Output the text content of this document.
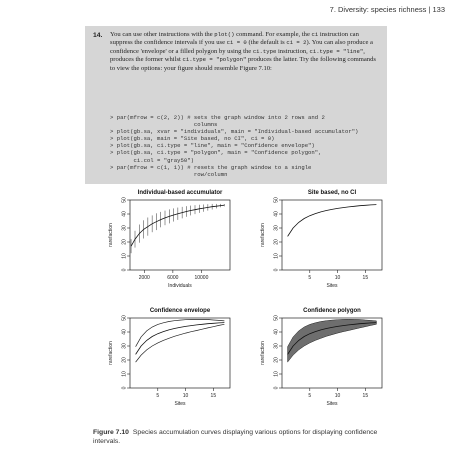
7. Diversity: species richness | 133
14. You can use other instructions with the plot() command. For example, the ci instruction can suppress the confidence intervals if you use ci = 0 (the default is ci = 2). You can also produce a confidence 'envelope' or a filled polygon by using the ci.type instruction, ci.type = "line", produces the former whilst ci.type = "polygon" produces the latter. Try the following commands to view the options: your figure should resemble Figure 7.10:
> par(mfrow = c(2, 2)) # sets the graph window into 2 rows and 2
columns
> plot(gb.sa, xvar = "individuals", main = "Individual-based accumulator")
> plot(gb.sa, main = "Site based, no CI", ci = 0)
> plot(gb.sa, ci.type = "line", main = "Confidence envelope")
> plot(gb.sa, ci.type = "polygon", main = "Confidence polygon",
ci.col = "gray50")
> par(mfrow = c(1, 1)) # resets the graph window to a single
row/column
Individual-based accumulator
0
10
20
30
40
50
2000	6000	10000
Individuals
rarefaction
Site based, no CI
0
10
20
30
40
50
5	10	15
Sites
rarefaction
Confidence envelope
0
10
20
30
40
50
5	10	15
Sites
rarefaction
Confidence polygon
0
10
20
30
40
50
5	10	15
Sites
rarefaction
Figure 7.10 Species accumulation curves displaying various options for displaying confidence intervals.
